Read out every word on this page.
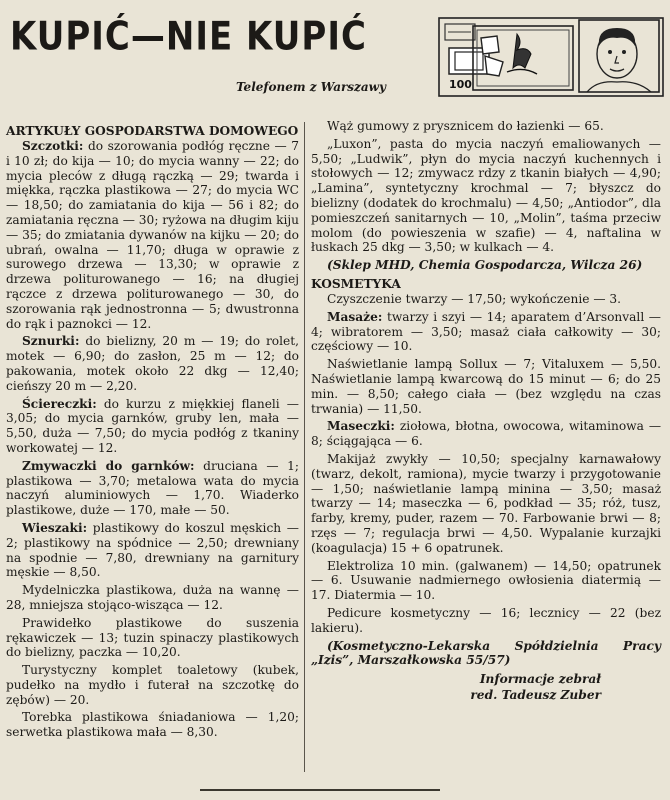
KUPIĆ—NIE KUPIĆ
100
Telefonem z Warszawy
ARTYKUŁY GOSPODARSTWA DOMOWEGO

Szczotki : do szorowania podłóg ręczne — 7 i 10 zł; do kija — 10; do mycia wanny — 22; do mycia pleców z długą rączką — 29; twarda i miękka, rączka plastikowa — 27; do mycia WC — 18,50; do zamiatania do kija — 56 i 82; do zamiatania ręczna — 30; ryżowa na długim kiju — 35; do zmiatania dywanów na kijku — 20; do ubrań, owalna — 11,70; długa w oprawie z surowego drzewa — 13,30; w oprawie z drzewa politurowanego — 16; na długiej rączce z drzewa politurowanego — 30, do szorowania rąk jednostronna — 5; dwustronna do rąk i paznokci — 12.

Sznurki : do bielizny, 20 m — 19; do rolet, motek — 6,90; do zasłon, 25 m — 12; do pakowania, motek około 22 dkg — 12,40; cieńszy 20 m — 2,20.

Ściereczki : do kurzu z miękkiej flaneli — 3,05; do mycia garnków, gruby len, mała — 5,50, duża — 7,50; do mycia podłóg z tkaniny workowatej — 12.

Zmywaczki do garnków : druciana — 1; plastikowa — 3,70; metalowa wata do mycia naczyń aluminiowych — 1,70. Wiaderko plastikowe, duże — 170, małe — 50.

Wieszaki : plastikowy do koszul męskich — 2; plastikowy na spódnice — 2,50; drewniany na spodnie — 7,80, drewniany na garnitury męskie — 8,50.

Mydelniczka plastikowa, duża na wannę — 28, mniejsza stojąco-wisząca — 12.

Prawidełko plastikowe do suszenia rękawiczek — 13; tuzin spinaczy plastikowych do bielizny, paczka — 10,20.

Turystyczny komplet toaletowy (kubek, pudełko na mydło i futerał na szczotkę do zębów) — 20.

Torebka plastikowa śniadaniowa — 1,20; serwetka plastikowa mała — 8,30.

Wąż gumowy z prysznicem do łazienki — 65.

„Luxon”, pasta do mycia naczyń emaliowanych — 5,50; „Ludwik”, płyn do mycia naczyń kuchennych i stołowych — 12; zmywacz rdzy z tkanin białych — 4,90; „Lamina”, syntetyczny krochmal — 7; błyszcz do bielizny (dodatek do krochmalu) — 4,50; „Antiodor”, dla pomieszczeń sanitarnych — 10, „Molin”, taśma przeciw molom (do powieszenia w szafie) — 4, naftalina w łuskach 25 dkg — 3,50; w kulkach — 4.

(Sklep MHD, Chemia Gospodarcza, Wilcza 26)
KOSMETYKA

Czyszczenie twarzy — 17,50; wykończenie — 3.

Masaże : twarzy i szyi — 14; aparatem d’Arsonvall — 4; wibratorem — 3,50; masaż ciała całkowity — 30; częściowy — 10.

Naświetlanie lampą Sollux — 7; Vitaluxem — 5,50. Naświetlanie lampą kwarcową do 15 minut — 6; do 25 min. — 8,50; całego ciała — (bez względu na czas trwania) — 11,50.

Maseczki : ziołowa, błotna, owocowa, witaminowa — 8; ściągająca — 6.

Makijaż zwykły — 10,50; specjalny karnawałowy (twarz, dekolt, ramiona), mycie twarzy i przygotowanie — 1,50; naświetlanie lampą minina — 3,50; masaż twarzy — 14; maseczka — 6, podkład — 35; róż, tusz, farby, kremy, puder, razem — 70. Farbowanie brwi — 8; rzęs — 7; regulacja brwi — 4,50. Wypalanie kurzajki (koagulacja) 15 + 6 opatrunek.

Elektroliza 10 min. (galwanem) — 14,50; opatrunek — 6. Usuwanie nadmiernego owłosienia diatermią — 17. Diatermia — 10.

Pedicure kosmetyczny — 16; lecznicy — 22 (bez lakieru).

(Kosmetyczno-Lekarska Spółdzielnia Pracy „Izis”, Marszałkowska 55/57)
Informacje zebrał
red. Tadeusz Zuber
